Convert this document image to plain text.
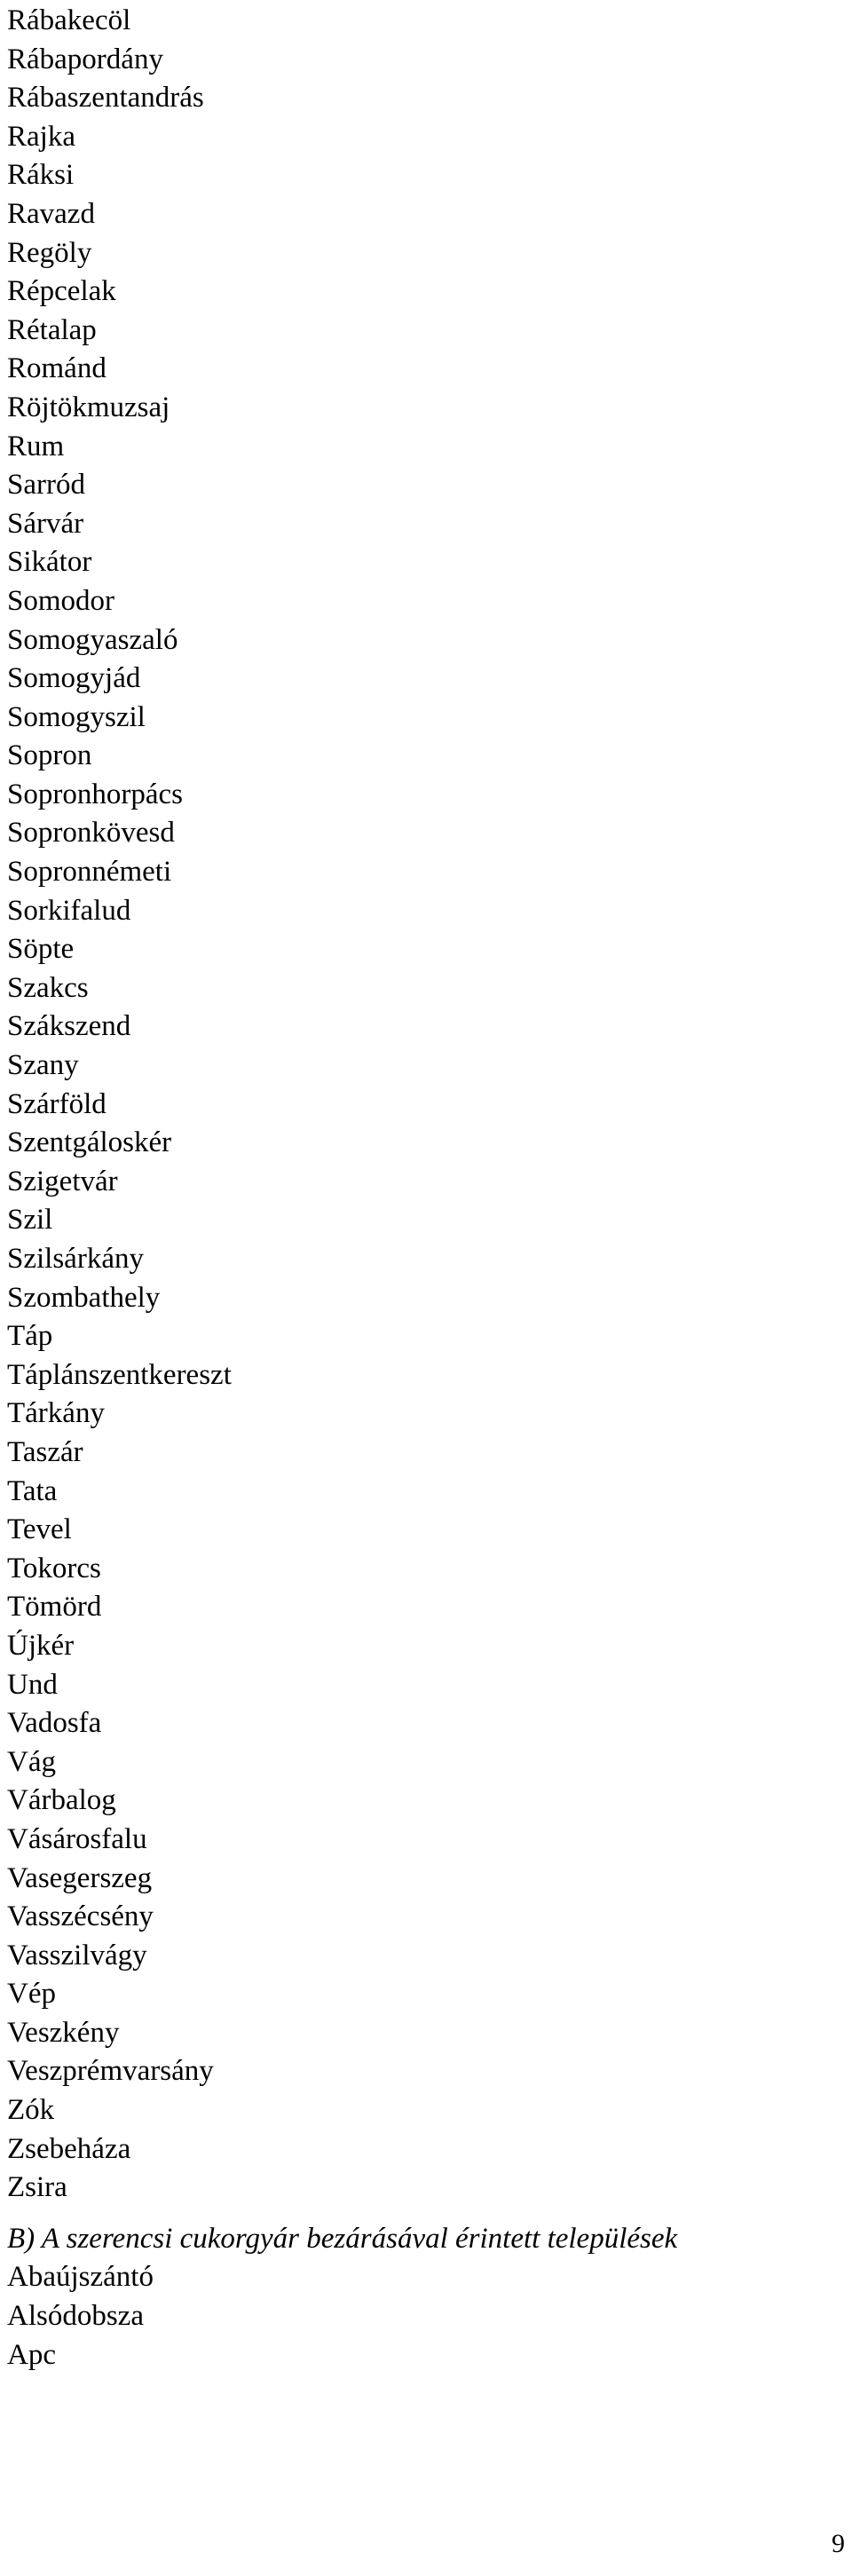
Rábakecöl
Rábapordány
Rábaszentandrás
Rajka
Ráksi
Ravazd
Regöly
Répcelak
Rétalap
Románd
Röjtökmuzsaj
Rum
Sarród
Sárvár
Sikátor
Somodor
Somogyaszaló
Somogyjád
Somogyszil
Sopron
Sopronhorpács
Sopronkövesd
Sopronnémeti
Sorkifalud
Söpte
Szakcs
Szákszend
Szany
Szárföld
Szentgáloskér
Szigetvár
Szil
Szilsárkány
Szombathely
Táp
Táplánszentkereszt
Tárkány
Taszár
Tata
Tevel
Tokorcs
Tömörd
Újkér
Und
Vadosfa
Vág
Várbalog
Vásárosfalu
Vasegerszeg
Vasszécsény
Vasszilvágy
Vép
Veszkény
Veszprémvarsány
Zók
Zsebeháza
Zsira
B) A szerencsi cukorgyár bezárásával érintett települések
Abaújszántó
Alsódobsza
Apc
9
